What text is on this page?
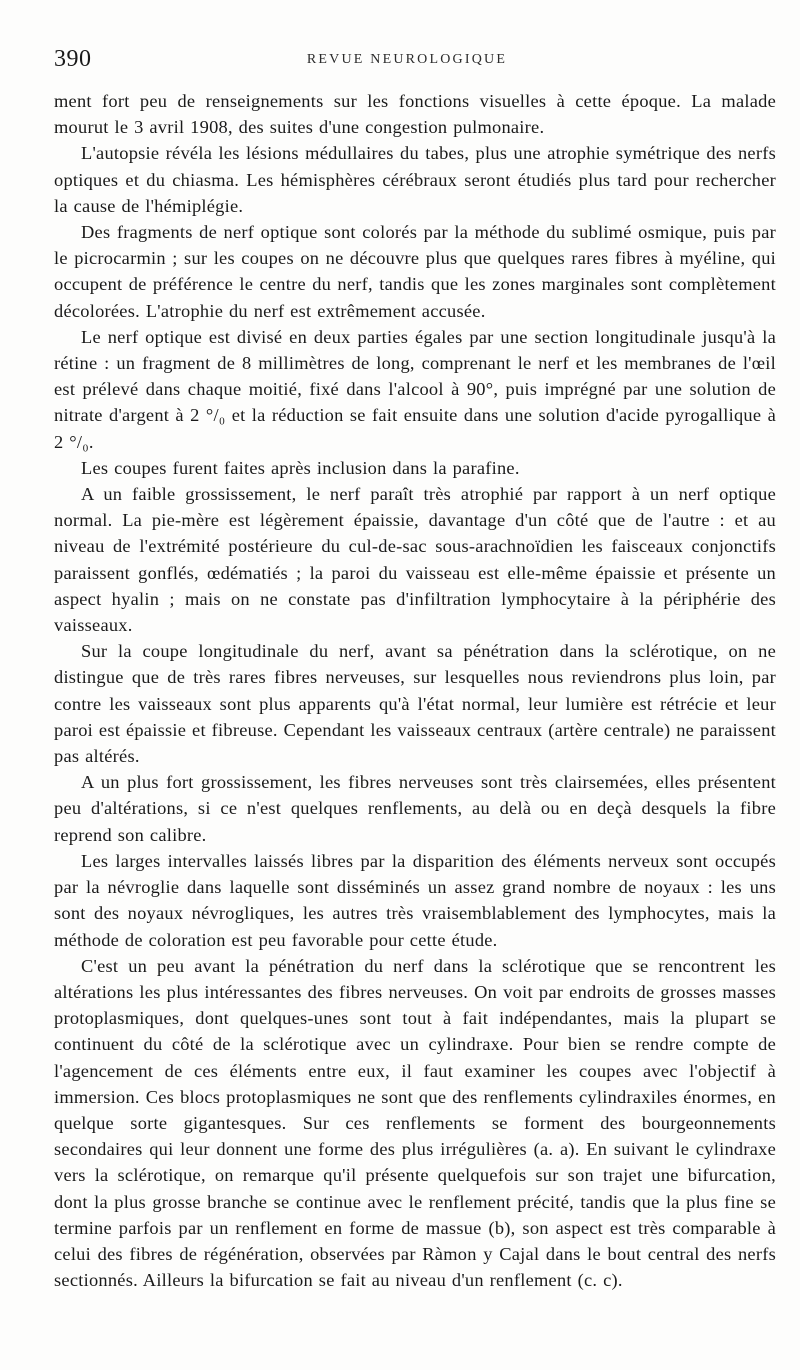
390	REVUE NEUROLOGIQUE

ment fort peu de renseignements sur les fonctions visuelles à cette époque. La malade mourut le 3 avril 1908, des suites d'une congestion pulmonaire.

L'autopsie révéla les lésions médullaires du tabes, plus une atrophie symétrique des nerfs optiques et du chiasma. Les hémisphères cérébraux seront étudiés plus tard pour rechercher la cause de l'hémiplégie.

Des fragments de nerf optique sont colorés par la méthode du sublimé osmique, puis par le picrocarmin ; sur les coupes on ne découvre plus que quelques rares fibres à myéline, qui occupent de préférence le centre du nerf, tandis que les zones marginales sont complètement décolorées. L'atrophie du nerf est extrêmement accusée.

Le nerf optique est divisé en deux parties égales par une section longitudinale jusqu'à la rétine : un fragment de 8 millimètres de long, comprenant le nerf et les membranes de l'œil est prélevé dans chaque moitié, fixé dans l'alcool à 90°, puis imprégné par une solution de nitrate d'argent à 2 °/₀ et la réduction se fait ensuite dans une solution d'acide pyrogallique à 2 °/₀.

Les coupes furent faites après inclusion dans la parafine.

A un faible grossissement, le nerf paraît très atrophié par rapport à un nerf optique normal. La pie-mère est légèrement épaissie, davantage d'un côté que de l'autre : et au niveau de l'extrémité postérieure du cul-de-sac sous-arachnoïdien les faisceaux conjonctifs paraissent gonflés, œdématiés ; la paroi du vaisseau est elle-même épaissie et présente un aspect hyalin ; mais on ne constate pas d'infiltration lymphocytaire à la périphérie des vaisseaux.

Sur la coupe longitudinale du nerf, avant sa pénétration dans la sclérotique, on ne distingue que de très rares fibres nerveuses, sur lesquelles nous reviendrons plus loin, par contre les vaisseaux sont plus apparents qu'à l'état normal, leur lumière est rétrécie et leur paroi est épaissie et fibreuse. Cependant les vaisseaux centraux (artère centrale) ne paraissent pas altérés.

A un plus fort grossissement, les fibres nerveuses sont très clairsemées, elles présentent peu d'altérations, si ce n'est quelques renflements, au delà ou en deçà desquels la fibre reprend son calibre.

Les larges intervalles laissés libres par la disparition des éléments nerveux sont occupés par la névroglie dans laquelle sont disséminés un assez grand nombre de noyaux : les uns sont des noyaux névrogliques, les autres très vraisemblablement des lymphocytes, mais la méthode de coloration est peu favorable pour cette étude.

C'est un peu avant la pénétration du nerf dans la sclérotique que se rencontrent les altérations les plus intéressantes des fibres nerveuses. On voit par endroits de grosses masses protoplasmiques, dont quelques-unes sont tout à fait indépendantes, mais la plupart se continuent du côté de la sclérotique avec un cylindraxe. Pour bien se rendre compte de l'agencement de ces éléments entre eux, il faut examiner les coupes avec l'objectif à immersion. Ces blocs protoplasmiques ne sont que des renflements cylindraxiles énormes, en quelque sorte gigantesques. Sur ces renflements se forment des bourgeonnements secondaires qui leur donnent une forme des plus irrégulières (a. a). En suivant le cylindraxe vers la sclérotique, on remarque qu'il présente quelquefois sur son trajet une bifurcation, dont la plus grosse branche se continue avec le renflement précité, tandis que la plus fine se termine parfois par un renflement en forme de massue (b), son aspect est très comparable à celui des fibres de régénération, observées par Ràmon y Cajal dans le bout central des nerfs sectionnés. Ailleurs la bifurcation se fait au niveau d'un renflement (c. c).
